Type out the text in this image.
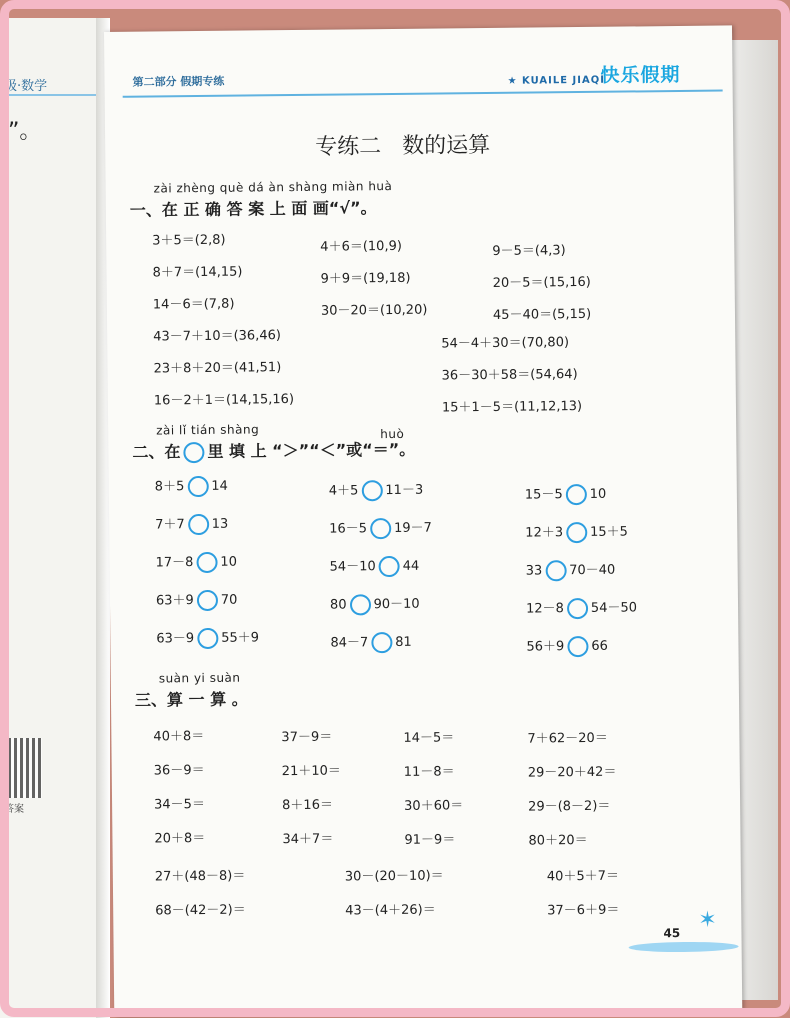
级·数学
”。
答案
第二部分 假期专练	★ KUAILE JIAQI
快乐假期
专练二   数的运算
zài zhèng què dá àn shàng miàn huà
一、在 正 确 答 案 上 面 画“√”。
3＋5＝(2,8)	4＋6＝(10,9)	9－5＝(4,3)
8＋7＝(14,15)	9＋9＝(19,18)	20－5＝(15,16)
14－6＝(7,8)	30－20＝(10,20)	45－40＝(5,15)
43－7＋10＝(36,46)	54－4＋30＝(70,80)
23＋8＋20＝(41,51)	36－30＋58＝(54,64)
16－2＋1＝(14,15,16)	15＋1－5＝(11,12,13)
zài lǐ tián shàng	huò
二、在 里 填 上 “＞”“＜”或“＝”。
8＋5 14	4＋5 11－3	15－5 10
7＋7 13	16－5 19－7	12＋3 15＋5
17－8 10	54－10 44	33 70－40
63＋9 70	80 90－10	12－8 54－50
63－9 55＋9	84－7 81	56＋9 66
suàn yi suàn
三、算 一 算 。
40＋8＝	37－9＝	14－5＝	7＋62－20＝
36－9＝	21＋10＝	11－8＝	29－20＋42＝
34－5＝	8＋16＝	30＋60＝	29－(8－2)＝
20＋8＝	34＋7＝	91－9＝	80＋20＝
27＋(48－8)＝	30－(20－10)＝	40＋5＋7＝
68－(42－2)＝	43－(4＋26)＝	37－6＋9＝
45
✶
